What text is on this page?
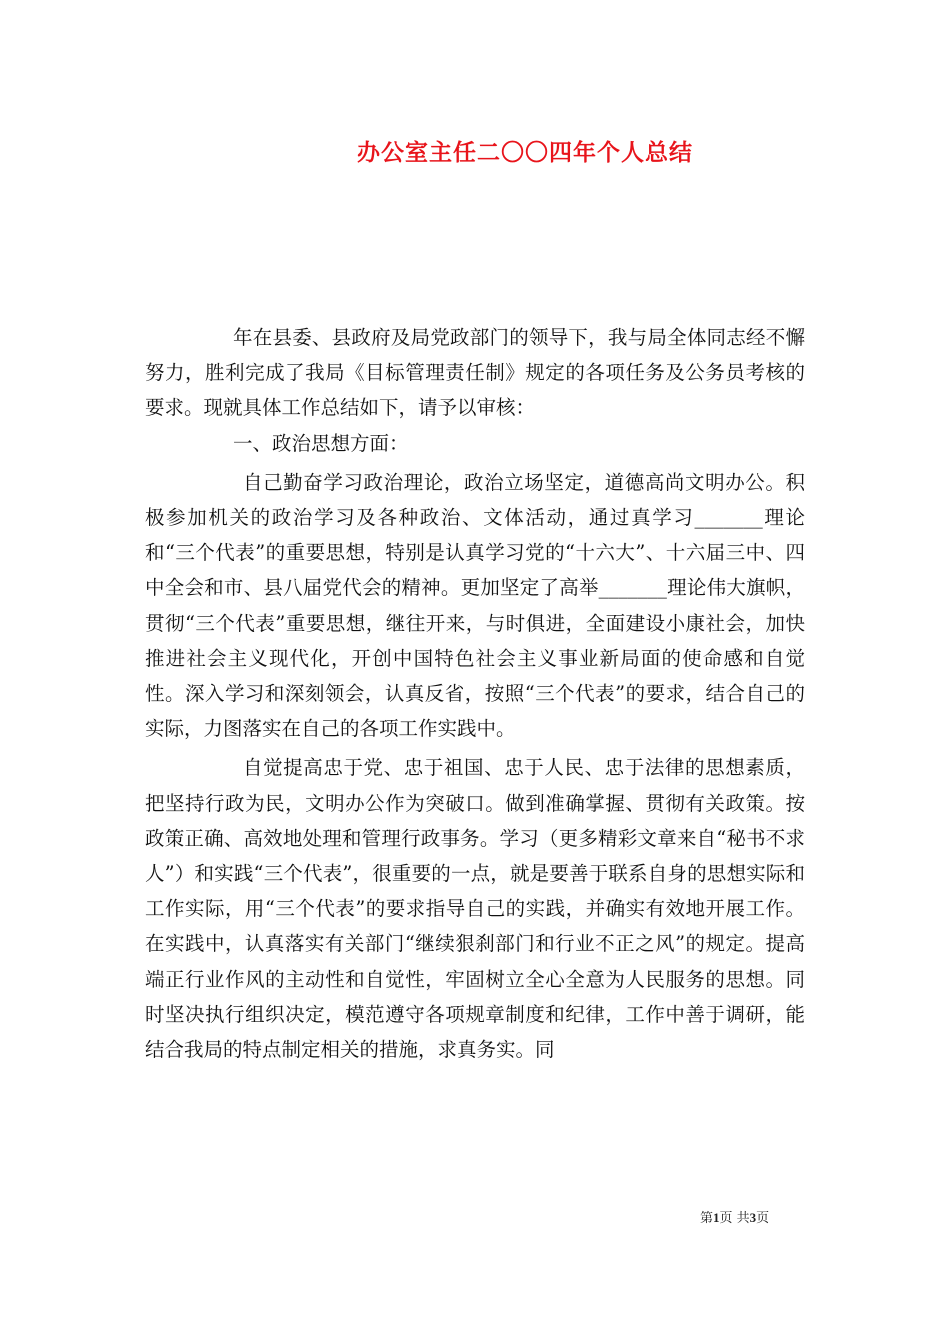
办公室主任二〇〇四年个人总结

年在县委、县政府及局党政部门的领导下，我与局全体同志经不懈努力，胜利完成了我局《目标管理责任制》规定的各项任务及公务员考核的要求。现就具体工作总结如下，请予以审核：

一、政治思想方面：

自己勤奋学习政治理论，政治立场坚定，道德高尚文明办公。积极参加机关的政治学习及各种政治、文体活动，通过真学习_______理论和“三个代表”的重要思想，特别是认真学习党的“十六大”、十六届三中、四中全会和市、县八届党代会的精神。更加坚定了高举_______理论伟大旗帜，贯彻“三个代表”重要思想，继往开来，与时俱进，全面建设小康社会，加快推进社会主义现代化，开创中国特色社会主义事业新局面的使命感和自觉性。深入学习和深刻领会，认真反省，按照“三个代表”的要求，结合自己的实际，力图落实在自己的各项工作实践中。

自觉提高忠于党、忠于祖国、忠于人民、忠于法律的思想素质，把坚持行政为民，文明办公作为突破口。做到准确掌握、贯彻有关政策。按政策正确、高效地处理和管理行政事务。学习（更多精彩文章来自“秘书不求人”）和实践“三个代表”，很重要的一点，就是要善于联系自身的思想实际和工作实际，用“三个代表”的要求指导自己的实践，并确实有效地开展工作。在实践中，认真落实有关部门“继续狠刹部门和行业不正之风”的规定。提高端正行业作风的主动性和自觉性，牢固树立全心全意为人民服务的思想。同时坚决执行组织决定，模范遵守各项规章制度和纪律，工作中善于调研，能结合我局的特点制定相关的措施，求真务实。同

第1页 共3页
